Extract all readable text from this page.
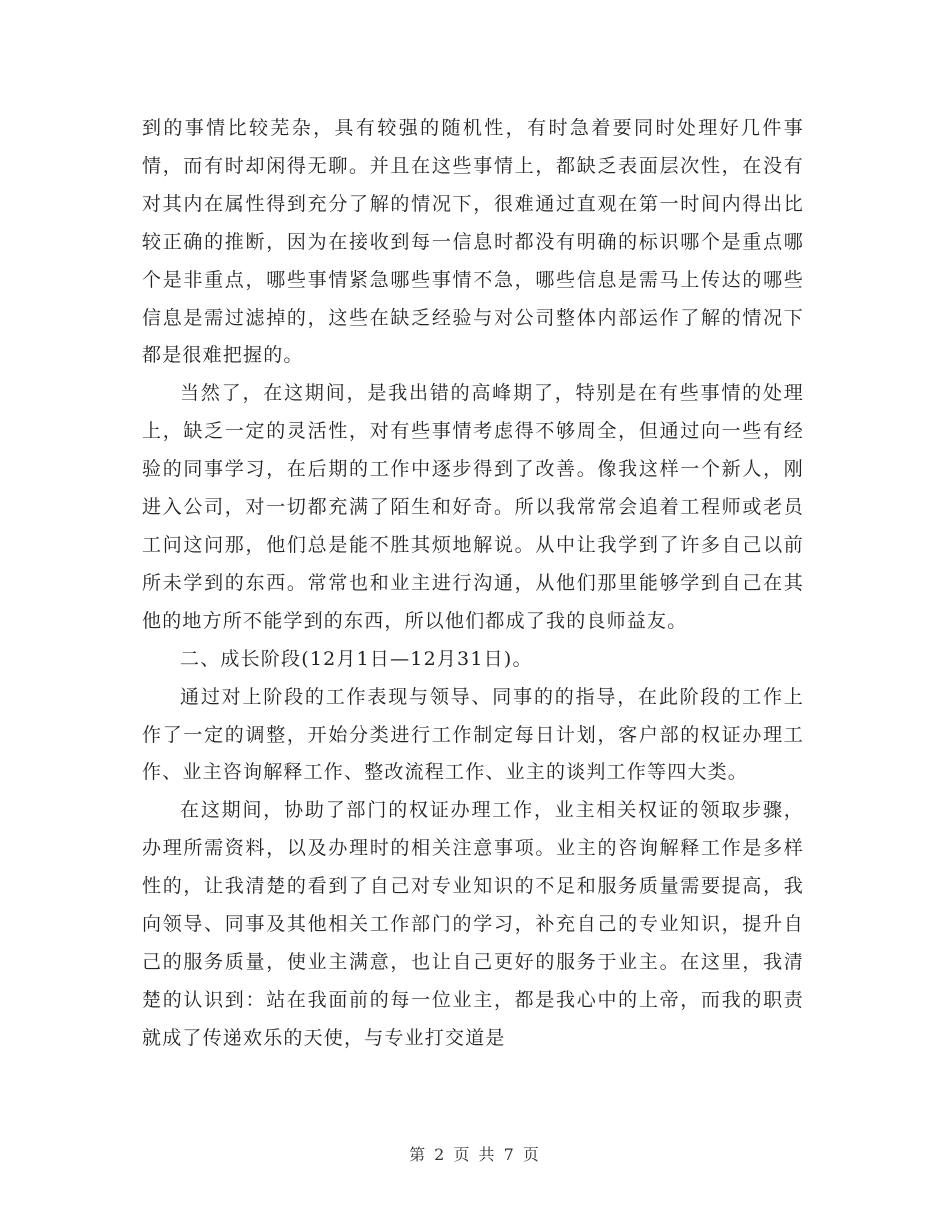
到的事情比较芜杂，具有较强的随机性，有时急着要同时处理好几件事情，而有时却闲得无聊。并且在这些事情上，都缺乏表面层次性，在没有对其内在属性得到充分了解的情况下，很难通过直观在第一时间内得出比较正确的推断，因为在接收到每一信息时都没有明确的标识哪个是重点哪个是非重点，哪些事情紧急哪些事情不急，哪些信息是需马上传达的哪些信息是需过滤掉的，这些在缺乏经验与对公司整体内部运作了解的情况下都是很难把握的。

当然了，在这期间，是我出错的高峰期了，特别是在有些事情的处理上，缺乏一定的灵活性，对有些事情考虑得不够周全，但通过向一些有经验的同事学习，在后期的工作中逐步得到了改善。像我这样一个新人，刚进入公司，对一切都充满了陌生和好奇。所以我常常会追着工程师或老员工问这问那，他们总是能不胜其烦地解说。从中让我学到了许多自己以前所未学到的东西。常常也和业主进行沟通，从他们那里能够学到自己在其他的地方所不能学到的东西，所以他们都成了我的良师益友。

二、成长阶段(12月1日—12月31日)。

通过对上阶段的工作表现与领导、同事的的指导，在此阶段的工作上作了一定的调整，开始分类进行工作制定每日计划，客户部的权证办理工作、业主咨询解释工作、整改流程工作、业主的谈判工作等四大类。

在这期间，协助了部门的权证办理工作，业主相关权证的领取步骤，办理所需资料，以及办理时的相关注意事项。业主的咨询解释工作是多样性的，让我清楚的看到了自己对专业知识的不足和服务质量需要提高，我向领导、同事及其他相关工作部门的学习，补充自己的专业知识，提升自己的服务质量，使业主满意，也让自己更好的服务于业主。在这里，我清楚的认识到：站在我面前的每一位业主，都是我心中的上帝，而我的职责就成了传递欢乐的天使，与专业打交道是

第 2 页 共 7 页
